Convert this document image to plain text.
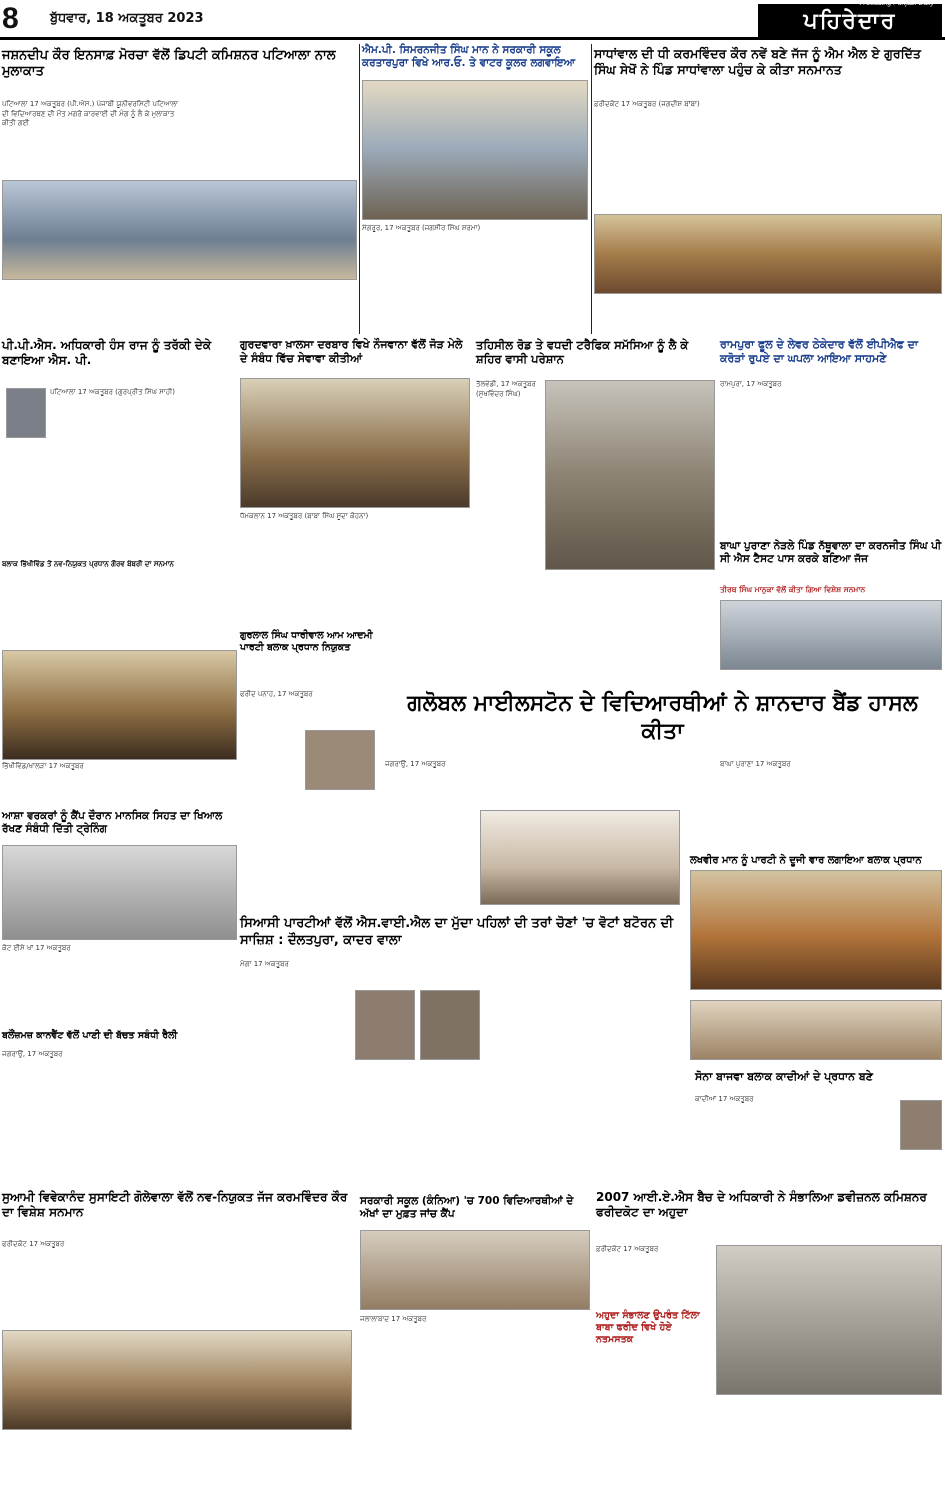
8	ਬੁੱਧਵਾਰ, 18 ਅਕਤੂਬਰ 2023	ਪਹਿਰੇਦਾਰ
A Leading Punjabi Daily
ਜਸ਼ਨਦੀਪ ਕੌਰ ਇਨਸਾਫ਼ ਮੋਰਚਾ ਵੱਲੋਂ ਡਿਪਟੀ ਕਮਿਸ਼ਨਰ ਪਟਿਆਲਾ ਨਾਲ ਮੁਲਾਕਾਤ
ਪਟਿਆਲਾ 17 ਅਕਤੂਬਰ (ਪੀ.ਐਸ.) ਪੰਜਾਬੀ ਯੂਨੀਵਰਸਿਟੀ ਪਟਿਆਲਾ ਦੀ ਵਿਦਿਆਰਥਣ ਦੀ ਮੌਤ ਮਗਰੋਂ ਕਾਰਵਾਈ ਦੀ ਮੰਗ ਨੂੰ ਲੈ ਕੇ ਮੁਲਾਕਾਤ ਕੀਤੀ ਗਈ
ਐਮ.ਪੀ. ਸਿਮਰਨਜੀਤ ਸਿੰਘ ਮਾਨ ਨੇ ਸਰਕਾਰੀ ਸਕੂਲ ਕਰਤਾਰਪੁਰਾ ਵਿਖੇ ਆਰ.ਓ. ਤੇ ਵਾਟਰ ਕੂਲਰ ਲਗਵਾਇਆ
ਸੰਗਰੂਰ, 17 ਅਕਤੂਬਰ (ਜਗਸੀਰ ਸਿੰਘ ਸ਼ਰਮਾ)
ਸਾਧਾਂਵਾਲ ਦੀ ਧੀ ਕਰਮਵਿੰਦਰ ਕੌਰ ਨਵੇਂ ਬਣੇ ਜੱਜ ਨੂੰ ਐਮ ਐਲ ਏ ਗੁਰਦਿੱਤ ਸਿੰਘ ਸੇਖੋਂ ਨੇ ਪਿੰਡ ਸਾਧਾਂਵਾਲਾ ਪਹੁੰਚ ਕੇ ਕੀਤਾ ਸਨਮਾਨਤ
ਫ਼ਰੀਦਕੋਟ 17 ਅਕਤੂਬਰ (ਜਗਦੀਸ਼ ਬਾਂਬਾ)
ਪੀ.ਪੀ.ਐਸ. ਅਧਿਕਾਰੀ ਹੰਸ ਰਾਜ ਨੂੰ ਤਰੱਕੀ ਦੇਕੇ ਬਣਾਇਆ ਐਸ. ਪੀ.
ਪਟਿਆਲਾ 17 ਅਕਤੂਬਰ (ਗੁਰਪ੍ਰੀਤ ਸਿੰਘ ਸਾਹੀ)
ਗੁਰਦਵਾਰਾ ਖ਼ਾਲਸਾ ਦਰਬਾਰ ਵਿਖੇ ਨੌਜਵਾਨਾ ਵੱਲੋਂ ਜੋੜ ਮੇਲੇ ਦੇ ਸੰਬੰਧ ਵਿੱਚ ਸੇਵਾਵਾ ਕੀਤੀਆਂ
ਧੱਮਕਲਾਨ 17 ਅਕਤੂਬਰ (ਬਾਬਾ ਸਿੰਘ ਸੂਦਾ ਕੋਹਨਾ)
ਤਹਿਸੀਲ ਰੋਡ ਤੇ ਵਧਦੀ ਟਰੈਫਿਕ ਸਮੱਸਿਆ ਨੂੰ ਲੈ ਕੇ ਸ਼ਹਿਰ ਵਾਸੀ ਪਰੇਸ਼ਾਨ
ਤੱਲਵੰਡੀ, 17 ਅਕਤੂਬਰ (ਸੁਖਵਿੰਦਰ ਸਿੰਘ)
ਰਾਮਪੁਰਾ ਫੂਲ ਦੇ ਲੇਵਰ ਠੇਕੇਦਾਰ ਵੱਲੋਂ ਈਪੀਐਫ ਦਾ ਕਰੋੜਾਂ ਰੁਪਏ ਦਾ ਘਪਲਾ ਆਇਆ ਸਾਹਮਣੇ
ਰਾਮਪੁਰਾ, 17 ਅਕਤੂਬਰ
ਬਾਘਾ ਪੁਰਾਣਾ ਨੇੜਲੇ ਪਿੰਡ ਨੱਥੂਵਾਲਾ ਦਾ ਕਰਨਜੀਤ ਸਿੰਘ ਪੀ ਸੀ ਐਸ ਟੈਸਟ ਪਾਸ ਕਰਕੇ ਬਣਿਆ ਜੱਜ
ਤੀਰਥ ਸਿੰਘ ਮਾਨੁਕਾ ਵੱਲੋਂ ਕੀਤਾ ਗਿਆ ਵਿਸ਼ੇਸ਼ ਸਨਮਾਨ
ਬਲਾਕ ਭਿੱਖੀਵਿੰਡ ਤੋਂ ਨਵ-ਨਿਯੁਕਤ ਪ੍ਰਧਾਨ ਗੌਰਵ ਬੰਬਰੀ ਦਾ ਸਨਮਾਨ
ਭਿੱਖੀਵਿੰਡ/ਖਾਲੜਾ 17 ਅਕਤੂਬਰ
ਗੁਰਲਾਲ ਸਿੰਘ ਧਾਰੀਵਾਲ ਆਮ ਆਦਮੀ ਪਾਰਟੀ ਬਲਾਕ ਪ੍ਰਧਾਨ ਨਿਯੁਕਤ
ਫਰੀਦ ਪਨਾਹ, 17 ਅਕਤੂਬਰ	ਗਲੋਬਲ ਮਾਈਲਸਟੋਨ ਦੇ ਵਿਦਿਆਰਥੀਆਂ ਨੇ ਸ਼ਾਨਦਾਰ ਬੈਂਡ ਹਾਸਲ ਕੀਤਾ
ਜਗਰਾਉਂ, 17 ਅਕਤੂਬਰ
ਲਖਵੀਰ ਮਾਨ ਨੂੰ ਪਾਰਟੀ ਨੇ ਦੂਜੀ ਵਾਰ ਲਗਾਇਆ ਬਲਾਕ ਪ੍ਰਧਾਨ
ਬਾਘਾ ਪੁਰਾਣਾ 17 ਅਕਤੂਬਰ
ਆਸ਼ਾ ਵਰਕਰਾਂ ਨੂੰ ਕੈਂਪ ਦੌਰਾਨ ਮਾਨਸਿਕ ਸਿਹਤ ਦਾ ਖਿਆਲ ਰੱਖਣ ਸੰਬੰਧੀ ਦਿੱਤੀ ਟ੍ਰੇਨਿੰਗ
ਕੋਟ ਈਸੇ ਖਾਂ 17 ਅਕਤੂਬਰ
ਸਿਆਸੀ ਪਾਰਟੀਆਂ ਵੱਲੋਂ ਐਸ.ਵਾਈ.ਐਲ ਦਾ ਮੁੱਦਾ ਪਹਿਲਾਂ ਦੀ ਤਰਾਂ ਚੋਣਾਂ 'ਚ ਵੋਟਾਂ ਬਟੋਰਨ ਦੀ ਸਾਜ਼ਿਸ਼ : ਦੌਲਤਪੁਰਾ, ਕਾਦਰ ਵਾਲਾ
ਮੋਗਾ 17 ਅਕਤੂਬਰ
ਬਲੌਂਜ਼ਮਜ਼ ਕਾਨਵੈਂਟ ਵੱਲੋਂ ਪਾਣੀ ਦੀ ਬੱਚਤ ਸਬੰਧੀ ਰੈਲੀ
ਜਗਰਾਉਂ, 17 ਅਕਤੂਬਰ
ਸੋਨਾ ਬਾਜਵਾ ਬਲਾਕ ਕਾਦੀਆਂ ਦੇ ਪ੍ਰਧਾਨ ਬਣੇ
ਕਾਦੀਆਂ 17 ਅਕਤੂਬਰ
ਸੁਆਮੀ ਵਿਵੇਕਾਨੰਦ ਸੁਸਾਇਟੀ ਗੋਲੇਵਾਲਾ ਵੱਲੋਂ ਨਵ-ਨਿਯੁਕਤ ਜੱਜ ਕਰਮਵਿੰਦਰ ਕੌਰ ਦਾ ਵਿਸ਼ੇਸ਼ ਸਨਮਾਨ
ਫਰੀਦਕੋਟ 17 ਅਕਤੂਬਰ
ਸਰਕਾਰੀ ਸਕੂਲ (ਕੰਨਿਆ) 'ਚ 700 ਵਿਦਿਆਰਥੀਆਂ ਦੇ ਅੱਖਾਂ ਦਾ ਮੁਫ਼ਤ ਜਾਂਚ ਕੈਂਪ
ਜਲਾਲਾਬਾਦ 17 ਅਕਤੂਬਰ
2007 ਆਈ.ਏ.ਐਸ ਬੈਚ ਦੇ ਅਧਿਕਾਰੀ ਨੇ ਸੰਭਾਲਿਆ ਡਵੀਜ਼ਨਲ ਕਮਿਸ਼ਨਰ ਫਰੀਦਕੋਟ ਦਾ ਅਹੁਦਾ
ਫ਼ਰੀਦਕੋਟ 17 ਅਕਤੂਬਰ
ਅਹੁਦਾ ਸੰਭਾਲਣ ਉਪਰੰਤ ਟਿੱਲਾ ਬਾਬਾ ਫਰੀਦ ਵਿਖੇ ਹੋਏ ਨਤਮਸਤਕ
